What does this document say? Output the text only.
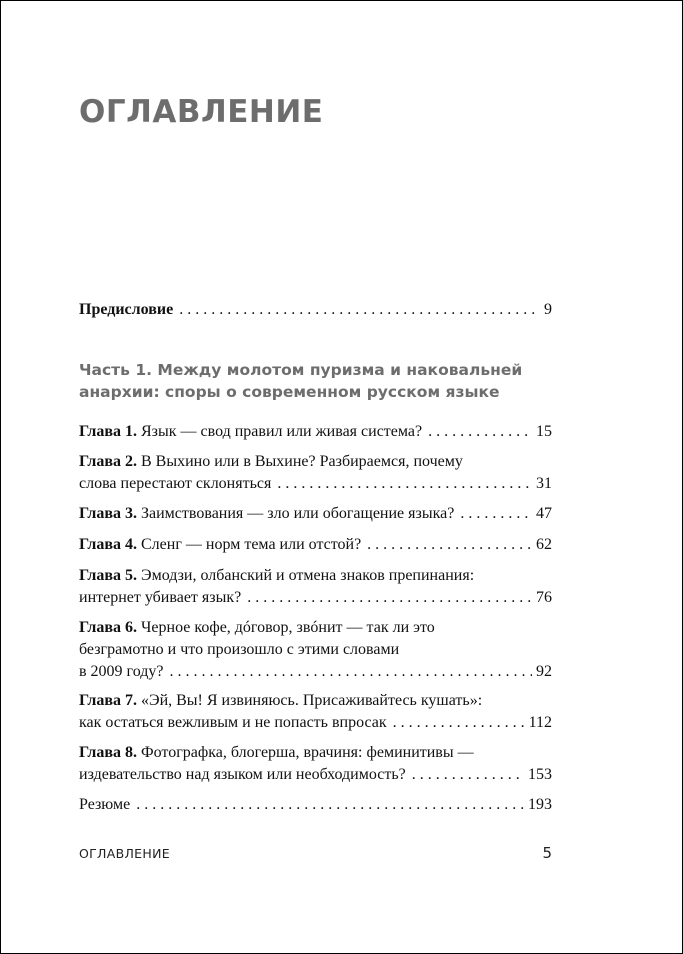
ОГЛАВЛЕНИЕ
Предисловие . . .	9
Часть 1. Между молотом пуризма и наковальней
анархии: споры о современном русском языке
Глава 1. Язык — свод правил или живая система? . . .	15
Глава 2. В Выхино или в Выхине? Разбираемся, почему
слова перестают склоняться . . .	31
Глава 3. Заимствования — зло или обогащение языка? . . .	47
Глава 4. Сленг — норм тема или отстой? . . .	62
Глава 5. Эмодзи, олбанский и отмена знаков препинания:
интернет убивает язык? . . .	76
Глава 6. Черное кофе, дóговор, звóнит — так ли это
безграмотно и что произошло с этими словами
в 2009 году? . . .	92
Глава 7. «Эй, Вы! Я извиняюсь. Присаживайтесь кушать»:
как остаться вежливым и не попасть впросак . . .	112
Глава 8. Фотографка, блогерша, врачиня: феминитивы —
издевательство над языком или необходимость? . . .	153
Резюме . . .	193
ОГЛАВЛЕНИЕ	5
